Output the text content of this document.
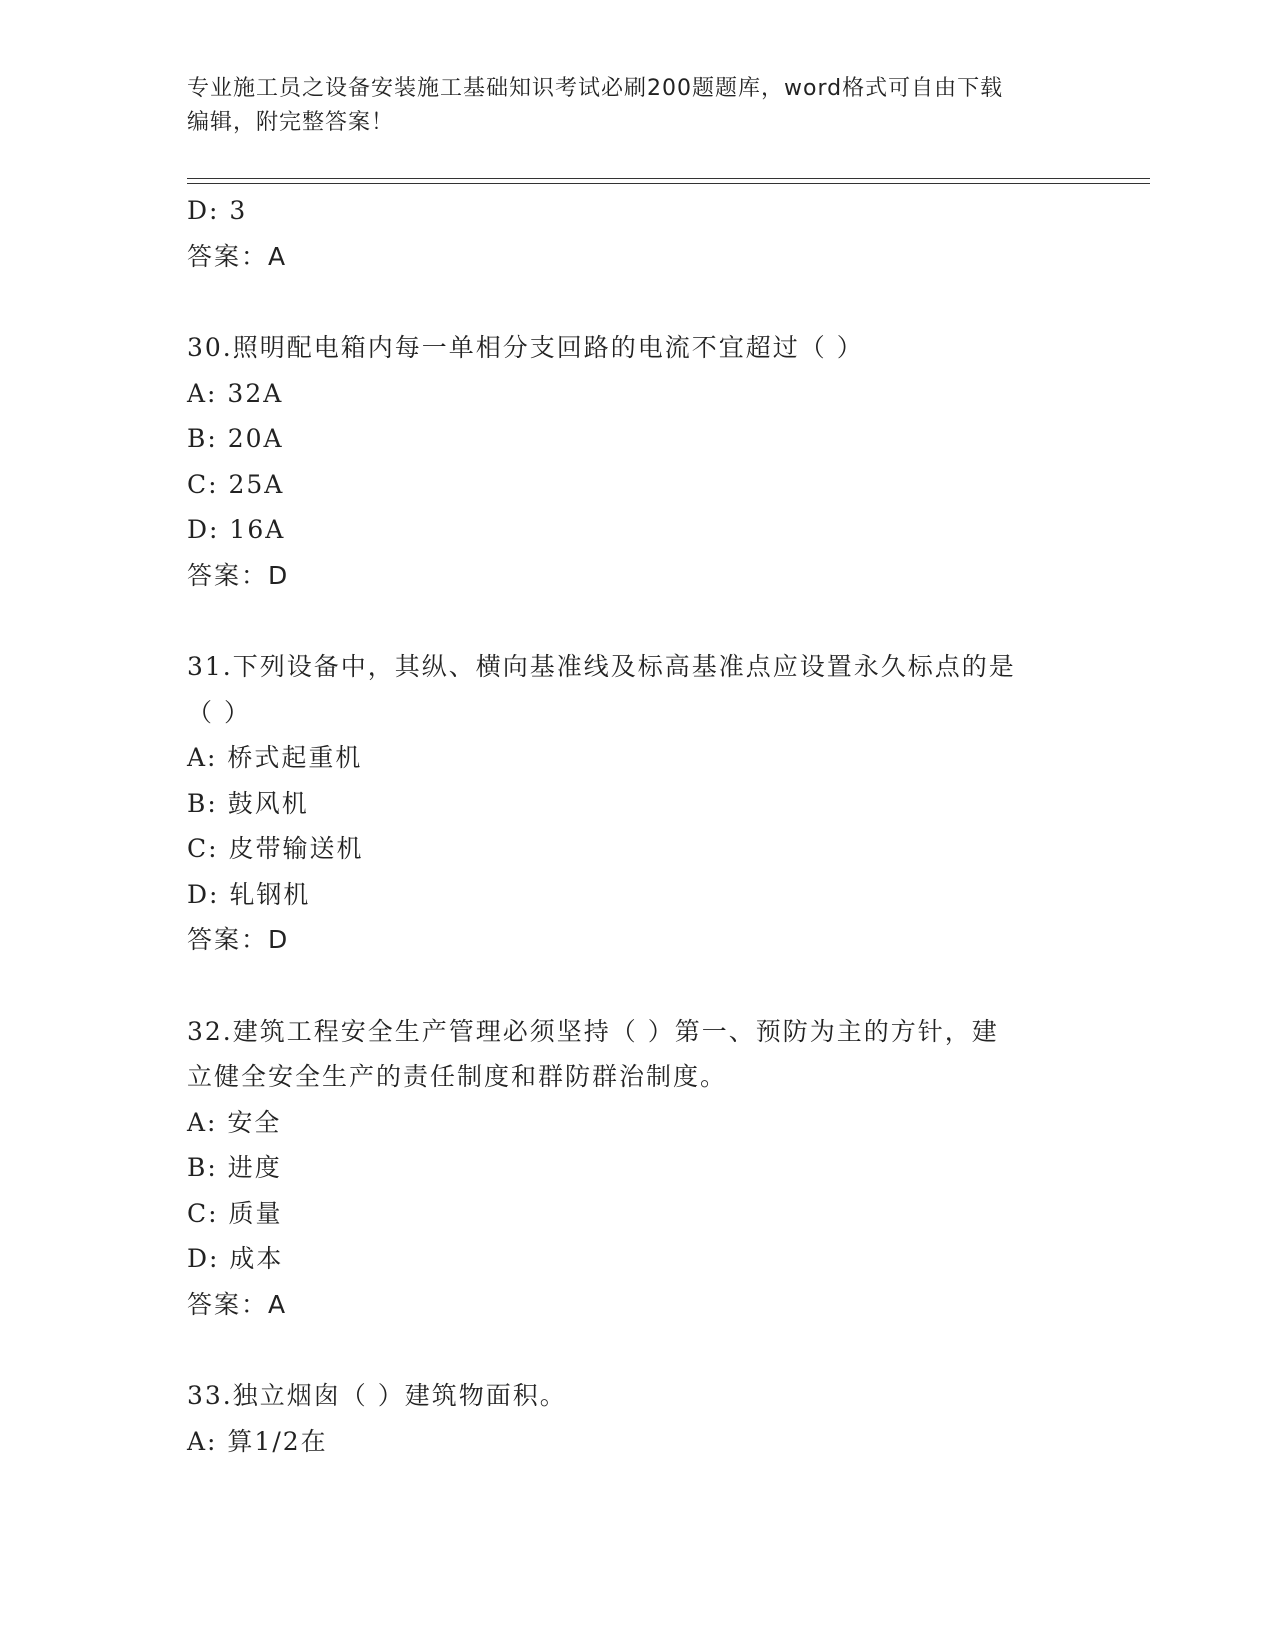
专业施工员之设备安装施工基础知识考试必刷200题题库，word格式可自由下载
编辑，附完整答案！
D: 3
答案：A
30.照明配电箱内每一单相分支回路的电流不宜超过（ ）
A: 32A
B: 20A
C: 25A
D: 16A
答案：D
31.下列设备中，其纵、横向基准线及标高基准点应设置永久标点的是
（ ）
A: 桥式起重机
B: 鼓风机
C: 皮带输送机
D: 轧钢机
答案：D
32.建筑工程安全生产管理必须坚持（ ）第一、预防为主的方针，建
立健全安全生产的责任制度和群防群治制度。
A: 安全
B: 进度
C: 质量
D: 成本
答案：A
33.独立烟囱（ ）建筑物面积。
A: 算1/2在
